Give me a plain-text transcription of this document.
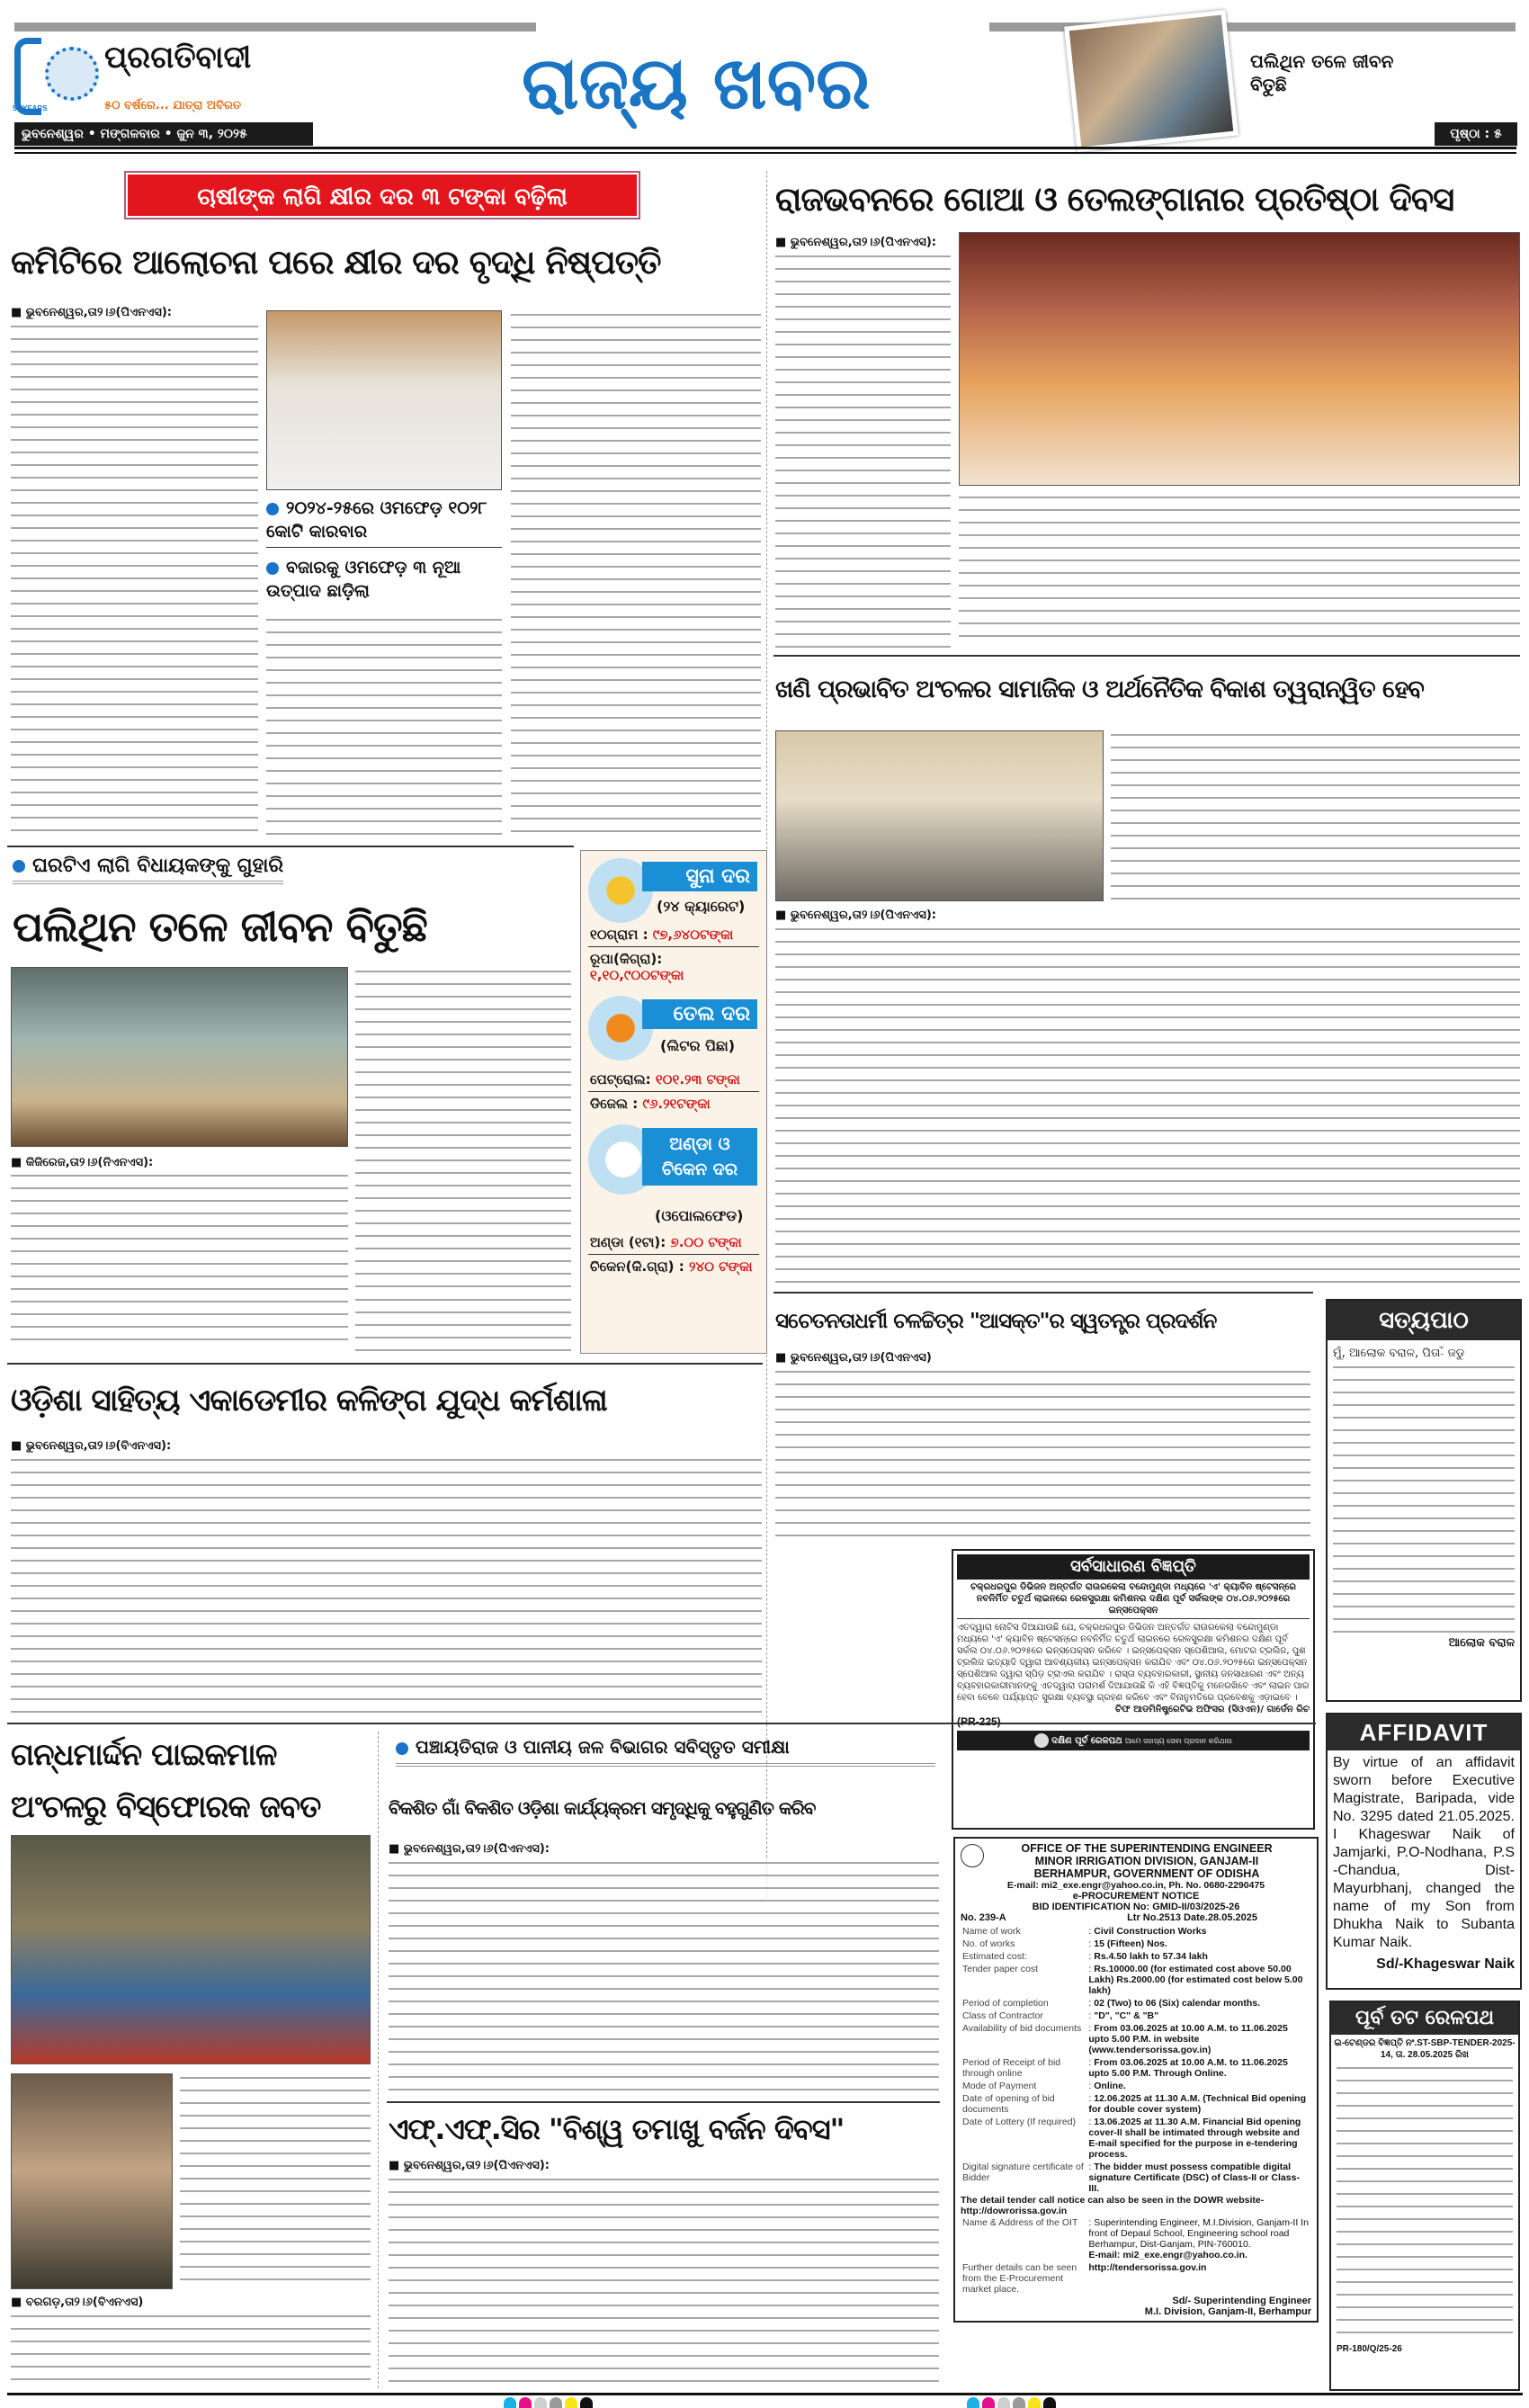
50 YEARS
ପ୍ରଗତିବାଦୀ
୫୦ ବର୍ଷରେ... ଯାତ୍ରା ଅବିରତ
ଭୁବନେଶ୍ୱର • ମଙ୍ଗଳବାର • ଜୁନ ୩, ୨୦୨୫
ରାଜ୍ୟ ଖବର	ପଲିଥିନ ତଳେ ଜୀବନ ବିତୁଛି
ପୃଷ୍ଠା : ୫
ଚାଷୀଙ୍କ ଲାଗି କ୍ଷୀର ଦର ୩ ଟଙ୍କା ବଢ଼ିଲା
କମିଟିରେ ଆଲୋଚନା ପରେ କ୍ଷୀର ଦର ବୃଦ୍ଧି ନିଷ୍ପତ୍ତି
■ ଭୁବନେଶ୍ୱର,ତା୨।୬(ପିଏନଏସ):
୨୦୨୪-୨୫ରେ ଓମଫେଡ଼ ୧୦୨୮ କୋଟି କାରବାର
ବଜାରକୁ ଓମଫେଡ଼ ୩ ନୂଆ ଉତ୍ପାଦ ଛାଡ଼ିଲା
ରାଜଭବନରେ ଗୋଆ ଓ ତେଲଙ୍ଗାନାର ପ୍ରତିଷ୍ଠା ଦିବସ
■ ଭୁବନେଶ୍ୱର,ତା୨।୬(ପିଏନଏସ):
ଖଣି ପ୍ରଭାବିତ ଅଂଚଳର ସାମାଜିକ ଓ ଅର୍ଥନୈତିକ ବିକାଶ ତ୍ୱରାନ୍ୱିତ ହେବ
■ ଭୁବନେଶ୍ୱର,ତା୨।୬(ପିଏନଏସ):
ଘରଟିଏ ଲାଗି ବିଧାୟକଙ୍କୁ ଗୁହାରି
ପଲିଥିନ ତଳେ ଜୀବନ ବିତୁଛି
■ କିଜିରେଜ,ତା୨।୬(ନିଏନଏସ):
ସୁନା ଦର
(୨୪ କ୍ୟାରେଟ)
୧୦ଗ୍ରାମ : ୯୭,୬୪୦ଟଙ୍କା
ରୂପା(କିଗ୍ରା): ୧,୧୦,୯୦୦ଟଙ୍କା
ତେଲ ଦର
(ଲିଟର ପିଛା)
ପେଟ୍ରୋଲ: ୧୦୧.୨୩ ଟଙ୍କା
ଡିଜେଲ : ୯୬.୨୧ଟଙ୍କା
ଅଣ୍ଡା ଓ ଚିକେନ ଦର
(ଓପୋଲଫେଡ)
ଅଣ୍ଡା (୧ଟା): ୭.୦୦ ଟଙ୍କା
ଚିକେନ(କି.ଗ୍ରା) : ୨୪୦ ଟଙ୍କା
ଓଡ଼ିଶା ସାହିତ୍ୟ ଏକାଡେମୀର କଳିଙ୍ଗ ଯୁଦ୍ଧ କର୍ମଶାଳା
■ ଭୁବନେଶ୍ୱର,ତା୨।୬(ବିଏନଏସ):
ସଚେତନତାଧର୍ମୀ ଚଳଚ୍ଚିତ୍ର "ଆସକ୍ତ"ର ସ୍ୱତନ୍ତ୍ର ପ୍ରଦର୍ଶନ
■ ଭୁବନେଶ୍ୱର,ତା୨।୬(ପିଏନଏସ)
ସର୍ବସାଧାରଣ ବିଜ୍ଞପ୍ତି
ଚକ୍ରଧରପୁର ଡିଭିଜନ ଅନ୍ତର୍ଗତ ରାଉରକେଲା ବନ୍ଦୋମୁଣ୍ଡା ମଧ୍ୟରେ 'ଏ' କ୍ୟାବିନ ଷ୍ଟେସନ୍‌ରେ ନବନିର୍ମିତ ଚତୁର୍ଥ ଲାଇନରେ ରେଳସୁରକ୍ଷା କମିଶନର ଦକ୍ଷିଣ ପୂର୍ବ ସର୍କଲଙ୍କ ୦୪.୦୬.୨୦୨୫ରେ ଇନ୍ସପେକ୍ସନ
ଏତଦ୍ୱାରା ନୋଟିସ ଦିଆଯାଉଛି ଯେ, ଚକ୍ରଧରପୁର ଡିଭିଜନ ଅନ୍ତର୍ଗତ ରାଉରକେଲା ବନ୍ଦୋମୁଣ୍ଡା ମଧ୍ୟରେ 'ଏ' କ୍ୟାବିନ ଷ୍ଟେସନ୍‌ରେ ନବନିର୍ମିତ ଚତୁର୍ଥ ଲାଇନରେ ରେଳସୁରକ୍ଷା କମିଶନର ଦକ୍ଷିଣ ପୂର୍ବ ସର୍କଲ ୦୪.୦୬.୨୦୨୫ରେ ଇନ୍ସପେକ୍ସନ କରିବେ । ଇନ୍ସପେକ୍ସନ ସ୍ପେଶିଆଲ, ମୋଟର ଟ୍ରଲିଜ, ପୁଶ ଟ୍ରଲିଜ ଇତ୍ୟାଦି ଦ୍ୱାରା ଆବଶ୍ୟକୀୟ ଇନ୍ସପେକ୍ସନ କରାଯିବ ଏବଂ ୦୪.୦୬.୨୦୨୫ରେ ଇନ୍ସପେକ୍ସନ ସ୍ପେଶିଆଲ ଦ୍ୱାରା ସ୍ପିଡ଼ ଟ୍ରାଏଲ କରାଯିବ । ରାସ୍ତା ବ୍ୟବହାରକାରୀ, ସ୍ଥାନୀୟ ଜନସାଧାରଣ ଏବଂ ଅନ୍ୟ ବ୍ୟବହାରକାରୀମାନଙ୍କୁ ଏତଦ୍ୱାରା ପରାମର୍ଶ ଦିଆଯାଉଛି କି ଏହି ବିଜ୍ଞପ୍ତିକୁ ମନେରଖିବେ ଏବଂ ଲାଇନ ପାର ହେବା ବେଳେ ପର୍ଯ୍ୟାପ୍ତ ସୁରକ୍ଷା ବ୍ୟବସ୍ଥା ଗ୍ରହଣ କରିବେ ଏବଂ ବିନାନୁମତିରେ ପ୍ରବେଶକୁ ଏଡ଼ାଇବେ ।
ଚିଫ ଆଡମିନିଷ୍ଟ୍ରେଟିଭ ଅଫିସର (ସିଓଏନ)/ ଗାର୍ଡେନ ରିଚ
(PR-225)
ଦକ୍ଷିଣ ପୂର୍ବ ରେଳପଥ ଆମେ ସହାସ୍ୟ ସେବା ପ୍ରଦାନ କରିଥାଉ
ସତ୍ୟପାଠ
ମୁଁ, ଆଲୋକ ବରାଳ, ପିତା-ଁ ଜଡୁ
ଆଲୋକ ବରାଳ
AFFIDAVIT
By virtue of an affidavit sworn before Executive Magistrate, Baripada, vide No. 3295 dated 21.05.2025. I Khageswar Naik of Jamjarki, P.O-Nodhana, P.S -Chandua, Dist- Mayurbhanj, changed the name of my Son from Dhukha Naik to Subanta Kumar Naik.
Sd/-Khageswar Naik
ପୂର୍ବ ତଟ ରେଳପଥ
ଇ-ଟେଣ୍ଡର ବିଜ୍ଞପ୍ତି ନଂ.ST-SBP-TENDER-2025-14, ତା. 28.05.2025 ରିଖ
PR-180/Q/25-26
ଗନ୍ଧମାର୍ଦ୍ଦନ ପାଇକମାଳ
ଅଂଚଳରୁ ବିସ୍ଫୋରକ ଜବତ
■ ବରଗଡ଼,ତା୨।୬(ବିଏନଏସ)
ପଞ୍ଚାୟତିରାଜ ଓ ପାନୀୟ ଜଳ ବିଭାଗର ସବିସ୍ତୃତ ସମୀକ୍ଷା
ବିକଶିତ ଗାଁ ବିକଶିତ ଓଡ଼ିଶା କାର୍ଯ୍ୟକ୍ରମ ସମୃଦ୍ଧିକୁ ବହୁଗୁଣିତ କରିବ
■ ଭୁବନେଶ୍ୱର,ତା୨।୬(ପିଏନଏସ):
ଏଫ୍.ଏଫ୍.ସିର "ବିଶ୍ୱ ତମାଖୁ ବର୍ଜନ ଦିବସ"
■ ଭୁବନେଶ୍ୱର,ତା୨।୬(ପିଏନଏସ):
OFFICE OF THE SUPERINTENDING ENGINEER
MINOR IRRIGATION DIVISION, GANJAM-II
BERHAMPUR, GOVERNMENT OF ODISHA
E-mail: mi2_exe.engr@yahoo.co.in, Ph. No. 0680-2290475
e-PROCUREMENT NOTICE
BID IDENTIFICATION No: GMID-II/03/2025-26
No. 239-A	Ltr No.2513 Date.28.05.2025
Name of work	: Civil Construction Works
No. of works	: 15 (Fifteen) Nos.
Estimated cost:	: Rs.4.50 lakh to 57.34 lakh
Tender paper cost	: Rs.10000.00 (for estimated cost above 50.00 Lakh) Rs.2000.00 (for estimated cost below 5.00 lakh)
Period of completion	: 02 (Two) to 06 (Six) calendar months.
Class of Contractor	: "D", "C" & "B"
Availability of bid documents	: From 03.06.2025 at 10.00 A.M. to 11.06.2025 upto 5.00 P.M. in website (www.tendersorissa.gov.in)
Period of Receipt of bid through online	: From 03.06.2025 at 10.00 A.M. to 11.06.2025 upto 5.00 P.M. Through Online.
Mode of Payment	: Online.
Date of opening of bid documents	: 12.06.2025 at 11.30 A.M. (Technical Bid opening for double cover system)
Date of Lottery (If required)	: 13.06.2025 at 11.30 A.M. Financial Bid opening cover-II shall be intimated through website and E-mail specified for the purpose in e-tendering process.
Digital signature certificate of Bidder	: The bidder must possess compatible digital signature Certificate (DSC) of Class-II or Class-III.
The detail tender call notice can also be seen in the DOWR website- http://dowrorissa.gov.in
Name & Address of the OIT	: Superintending Engineer, M.I.Division, Ganjam-II In front of Depaul School, Engineering school road Berhampur, Dist-Ganjam, PIN-760010.
E-mail: mi2_exe.engr@yahoo.co.in.
Further details can be seen from the E-Procurement market place.	http://tendersorissa.gov.in
Sd/- Superintending Engineer
M.I. Division, Ganjam-II, Berhampur
